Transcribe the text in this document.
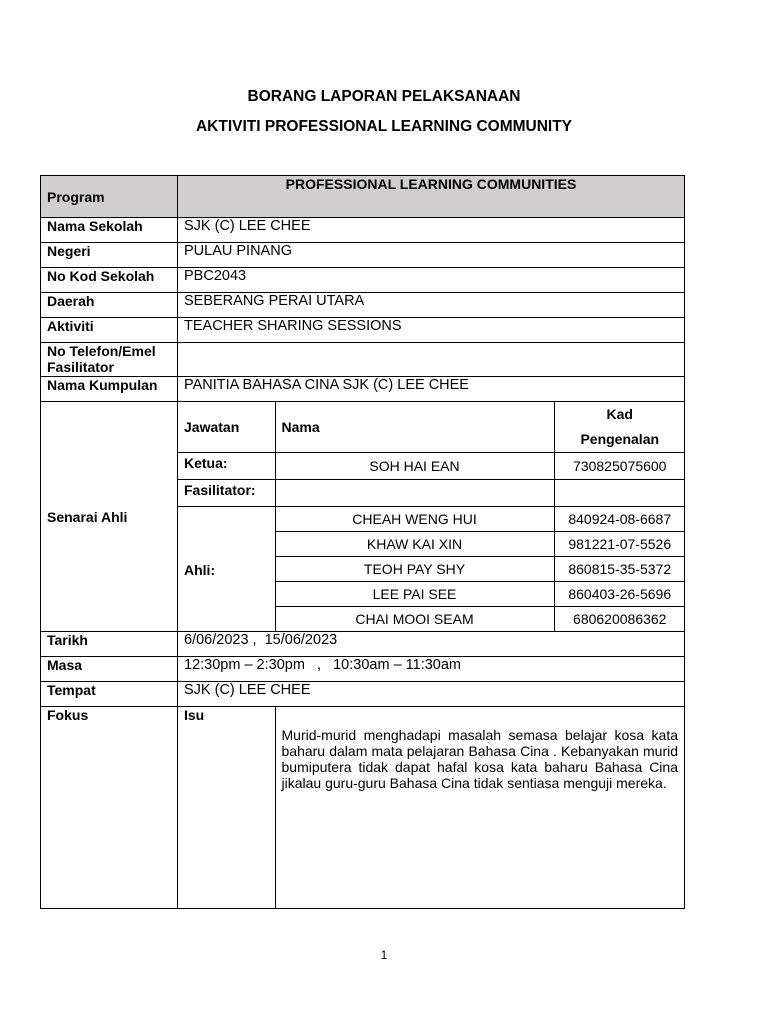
BORANG LAPORAN PELAKSANAAN
AKTIVITI PROFESSIONAL LEARNING COMMUNITY
Program	PROFESSIONAL LEARNING COMMUNITIES
Nama Sekolah	SJK (C) LEE CHEE
Negeri	PULAU PINANG
No Kod Sekolah	PBC2043
Daerah	SEBERANG PERAI UTARA
Aktiviti	TEACHER SHARING SESSIONS
No Telefon/Emel Fasilitator	
Nama Kumpulan	PANITIA BAHASA CINA SJK (C) LEE CHEE
Senarai Ahli	
Jawatan	Nama	
Kad
Pengenalan

Ketua:	SOH HAI EAN	730825075600
Fasilitator:		
Ahli:	CHEAH WENG HUI	840924-08-6687
KHAW KAI XIN	981221-07-5526
TEOH PAY SHY	860815-35-5372
LEE PAI SEE	860403-26-5696
CHAI MOOI SEAM	680620086362

Tarikh	6/06/2023 ,  15/06/2023
Masa	12:30pm – 2:30pm   ,   10:30am – 11:30am
Tempat	SJK (C) LEE CHEE
Fokus		Isu	Murid-murid menghadapi masalah semasa belajar kosa kata baharu dalam mata pelajaran Bahasa Cina . Kebanyakan murid bumiputera tidak dapat hafal kosa kata baharu Bahasa Cina jikalau guru-guru Bahasa Cina tidak sentiasa menguji mereka.
1
